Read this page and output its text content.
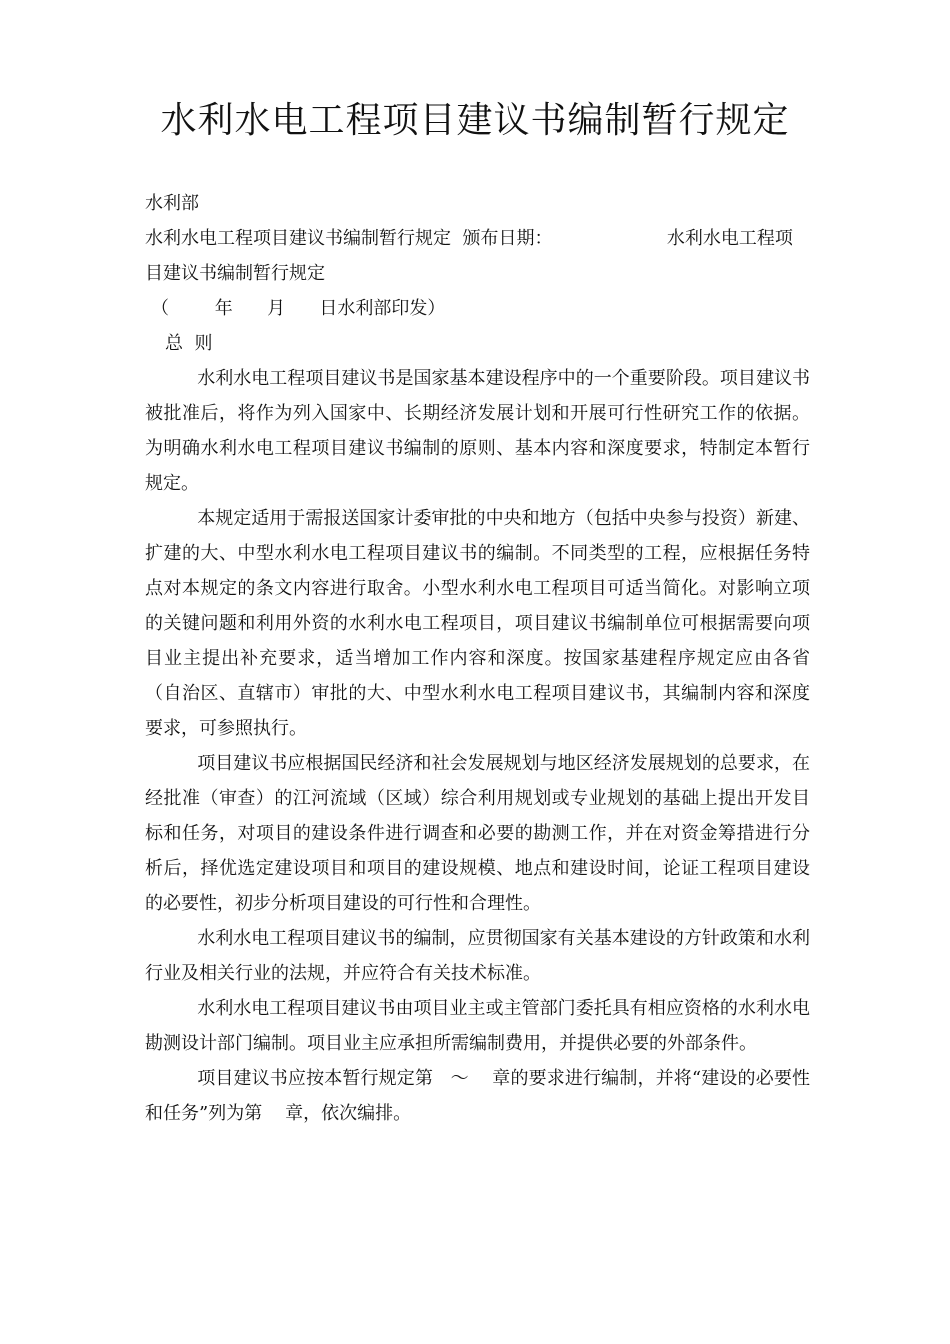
水利水电工程项目建议书编制暂行规定
水利部
水利水电工程项目建议书编制暂行规定  颁布日期：                    水利水电工程项
目建议书编制暂行规定
（        年      月      日水利部印发）
总  则
水利水电工程项目建议书是国家基本建设程序中的一个重要阶段。项目建议书被批准后，将作为列入国家中、长期经济发展计划和开展可行性研究工作的依据。为明确水利水电工程项目建议书编制的原则、基本内容和深度要求，特制定本暂行规定。
本规定适用于需报送国家计委审批的中央和地方（包括中央参与投资）新建、扩建的大、中型水利水电工程项目建议书的编制。不同类型的工程，应根据任务特点对本规定的条文内容进行取舍。小型水利水电工程项目可适当简化。对影响立项的关键问题和利用外资的水利水电工程项目，项目建议书编制单位可根据需要向项目业主提出补充要求，适当增加工作内容和深度。按国家基建程序规定应由各省（自治区、直辖市）审批的大、中型水利水电工程项目建议书，其编制内容和深度要求，可参照执行。
项目建议书应根据国民经济和社会发展规划与地区经济发展规划的总要求，在经批准（审查）的江河流域（区域）综合利用规划或专业规划的基础上提出开发目标和任务，对项目的建设条件进行调查和必要的勘测工作，并在对资金筹措进行分析后，择优选定建设项目和项目的建设规模、地点和建设时间，论证工程项目建设的必要性，初步分析项目建设的可行性和合理性。
水利水电工程项目建议书的编制，应贯彻国家有关基本建设的方针政策和水利行业及相关行业的法规，并应符合有关技术标准。
水利水电工程项目建议书由项目业主或主管部门委托具有相应资格的水利水电勘测设计部门编制。项目业主应承担所需编制费用，并提供必要的外部条件。
项目建议书应按本暂行规定第   ～    章的要求进行编制，并将“建设的必要性和任务”列为第    章，依次编排。
